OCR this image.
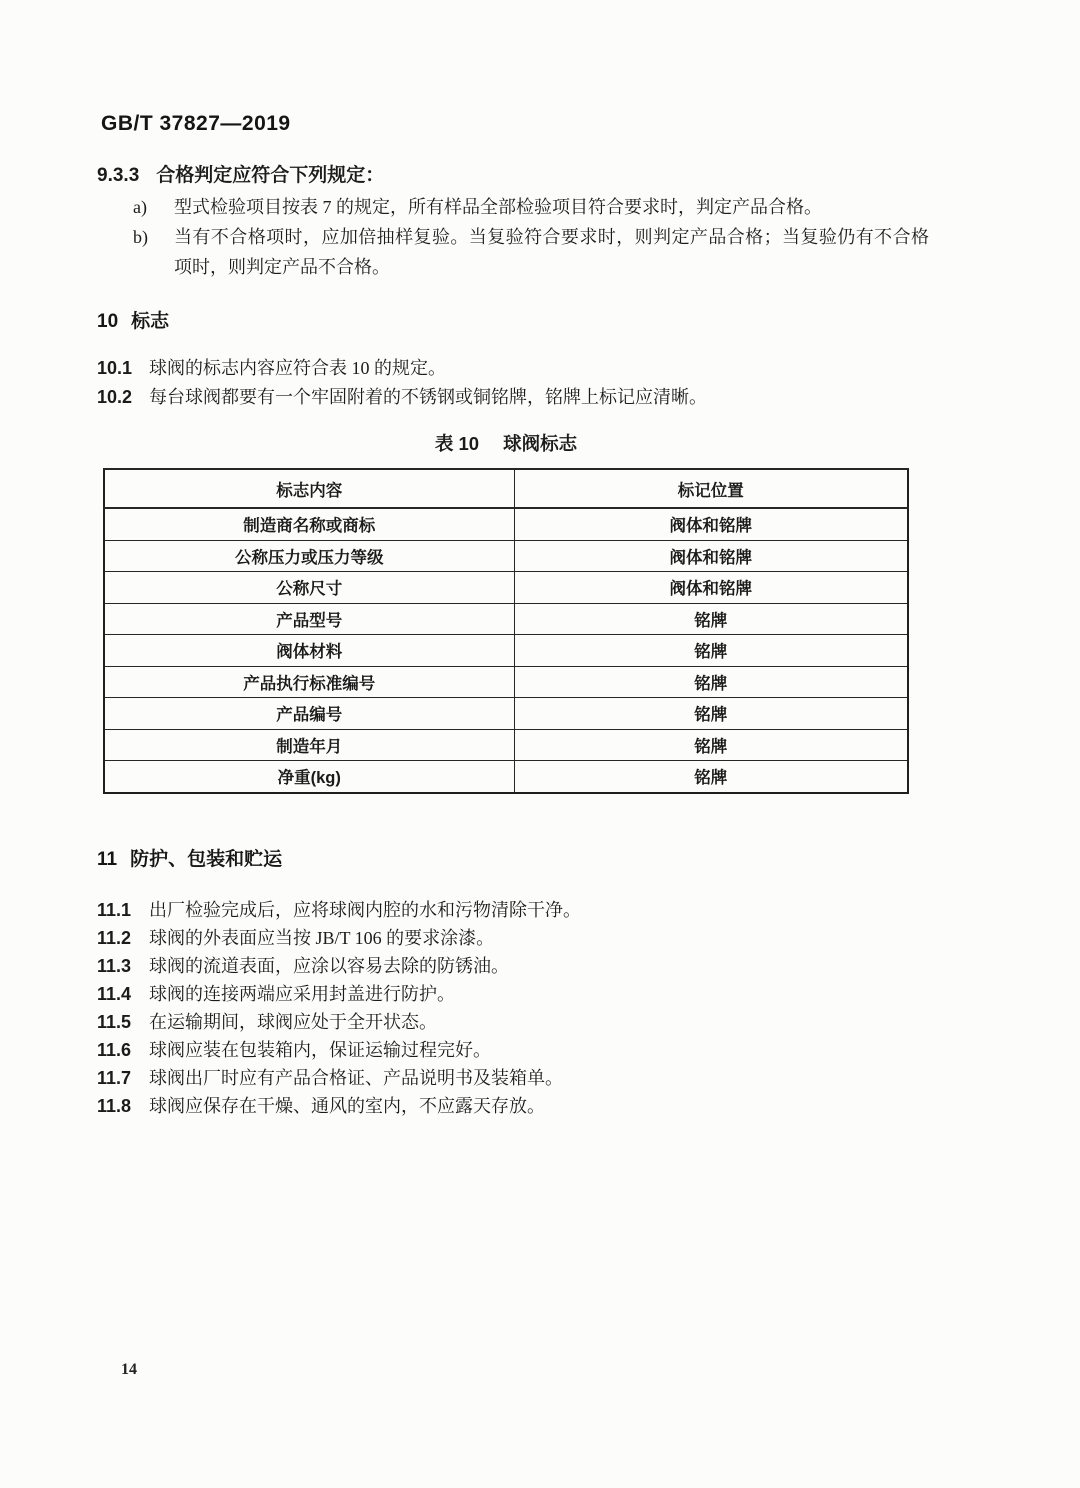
GB/T 37827—2019
9.3.3 合格判定应符合下列规定：
a)	型式检验项目按表 7 的规定，所有样品全部检验项目符合要求时，判定产品合格。
b)	当有不合格项时，应加倍抽样复验。当复验符合要求时，则判定产品合格；当复验仍有不合格项时，则判定产品不合格。
10 标志
10.1 球阀的标志内容应符合表 10 的规定。
10.2 每台球阀都要有一个牢固附着的不锈钢或铜铭牌，铭牌上标记应清晰。
表 10 球阀标志
标志内容	标记位置
制造商名称或商标	阀体和铭牌
公称压力或压力等级	阀体和铭牌
公称尺寸	阀体和铭牌
产品型号	铭牌
阀体材料	铭牌
产品执行标准编号	铭牌
产品编号	铭牌
制造年月	铭牌
净重(kg)	铭牌
11 防护、包装和贮运
11.1 出厂检验完成后，应将球阀内腔的水和污物清除干净。
11.2 球阀的外表面应当按 JB/T 106 的要求涂漆。
11.3 球阀的流道表面，应涂以容易去除的防锈油。
11.4 球阀的连接两端应采用封盖进行防护。
11.5 在运输期间，球阀应处于全开状态。
11.6 球阀应装在包装箱内，保证运输过程完好。
11.7 球阀出厂时应有产品合格证、产品说明书及装箱单。
11.8 球阀应保存在干燥、通风的室内，不应露天存放。
14
